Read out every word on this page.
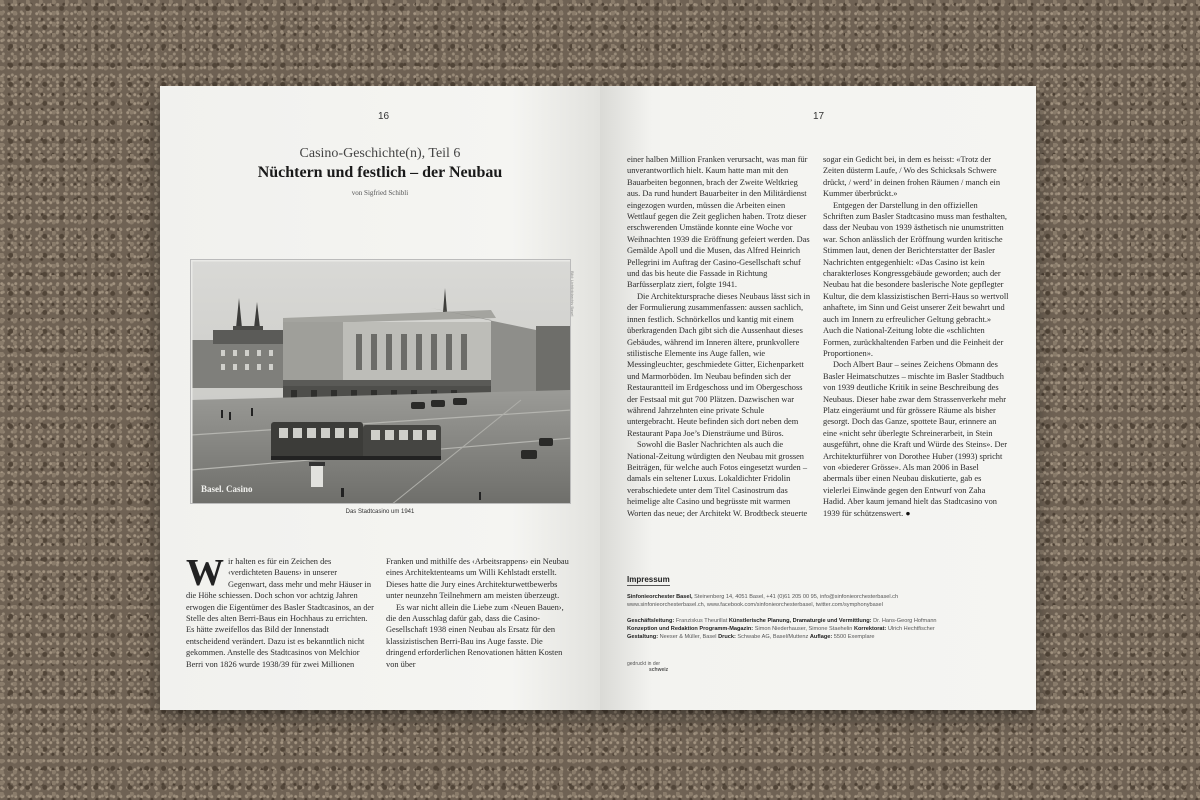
16
Casino-Geschichte(n), Teil 6
Nüchtern und festlich – der Neubau
von Sigfried Schibli
Basel. Casino
Bild: Lichtbildarchiv Basel
Das Stadtcasino um 1941
Wir halten es für ein Zeichen des ‹verdichteten Bauens› in unserer Gegenwart, dass mehr und mehr Häuser in die Höhe schiessen. Doch schon vor achtzig Jahren erwogen die Eigentümer des Basler Stadtcasinos, an der Stelle des alten Berri-Baus ein Hochhaus zu errichten. Es hätte zweifellos das Bild der Innenstadt entscheidend verändert. Dazu ist es bekanntlich nicht gekommen. Anstelle des Stadtcasinos von Melchior Berri von 1826 wurde 1938/39 für zwei Millionen

Franken und mithilfe des ‹Arbeitsrappens› ein Neubau eines Architektenteams um Willi Kehlstadt erstellt. Dieses hatte die Jury eines Architekturwettbewerbs unter neunzehn Teilnehmern am meisten überzeugt.

Es war nicht allein die Liebe zum ‹Neuen Bauen›, die den Ausschlag dafür gab, dass die Casino-Gesellschaft 1938 einen Neubau als Ersatz für den klassizistischen Berri-Bau ins Auge fasste. Die dringend erforderlichen Renovationen hätten Kosten von über

17

einer halben Million Franken verursacht, was man für unverantwortlich hielt. Kaum hatte man mit den Bauarbeiten begonnen, brach der Zweite Weltkrieg aus. Da rund hundert Bauarbeiter in den Militärdienst eingezogen wurden, müssen die Arbeiten einen Wettlauf gegen die Zeit geglichen haben. Trotz dieser erschwerenden Umstände konnte eine Woche vor Weihnachten 1939 die Eröffnung gefeiert werden. Das Gemälde Apoll und die Musen, das Alfred Heinrich Pellegrini im Auftrag der Casino-Gesellschaft schuf und das bis heute die Fassade in Richtung Barfüsserplatz ziert, folgte 1941.

Die Architektursprache dieses Neubaus lässt sich in der Formulierung zusammenfassen: aussen sachlich, innen festlich. Schnörkellos und kantig mit einem überkragenden Dach gibt sich die Aussenhaut dieses Gebäudes, während im Inneren ältere, prunkvollere stilistische Elemente ins Auge fallen, wie Messingleuchter, geschmiedete Gitter, Eichenparkett und Marmorböden. Im Neubau befinden sich der Restaurantteil im Erdgeschoss und im Obergeschoss der Festsaal mit gut 700 Plätzen. Dazwischen war während Jahrzehnten eine private Schule untergebracht. Heute befinden sich dort neben dem Restaurant Papa Joe’s Diensträume und Büros.

Sowohl die Basler Nachrichten als auch die National-Zeitung würdigten den Neubau mit grossen Beiträgen, für welche auch Fotos eingesetzt wurden – damals ein seltener Luxus. Lokaldichter Fridolin verabschiedete unter dem Titel Casinostrum das heimelige alte Casino und begrüsste mit warmen Worten das neue; der Architekt W. Brodtbeck steuerte

sogar ein Gedicht bei, in dem es heisst: «Trotz der Zeiten düsterm Laufe, / Wo des Schicksals Schwere drückt, / werd’ in deinen frohen Räumen / manch ein Kummer überbrückt.»

Entgegen der Darstellung in den offiziellen Schriften zum Basler Stadtcasino muss man festhalten, dass der Neubau von 1939 ästhetisch nie unumstritten war. Schon anlässlich der Eröffnung wurden kritische Stimmen laut, denen der Berichterstatter der Basler Nachrichten entgegenhielt: «Das Casino ist kein charakterloses Kongressgebäude geworden; auch der Neubau hat die besondere baslerische Note gepflegter Kultur, die dem klassizistischen Berri-Haus so wertvoll anhaftete, im Sinn und Geist unserer Zeit bewahrt und auch im Innern zu erfreulicher Geltung gebracht.» Auch die National-Zeitung lobte die «schlichten Formen, zurückhaltenden Farben und die Feinheit der Proportionen».

Doch Albert Baur – seines Zeichens Obmann des Basler Heimatschutzes – mischte im Basler Stadtbuch von 1939 deutliche Kritik in seine Beschreibung des Neubaus. Dieser habe zwar dem Strassenverkehr mehr Platz eingeräumt und für grössere Räume als bisher gesorgt. Doch das Ganze, spottete Baur, erinnere an eine «nicht sehr überlegte Schreinerarbeit, in Stein ausgeführt, ohne die Kraft und Würde des Steins». Der Architekturführer von Dorothee Huber (1993) spricht von «biederer Grösse». Als man 2006 in Basel abermals über einen Neubau diskutierte, gab es vielerlei Einwände gegen den Entwurf von Zaha Hadid. Aber kaum jemand hielt das Stadtcasino von 1939 für schützenswert. ●

Impressum
Sinfonieorchester Basel, Steinenberg 14, 4051 Basel, +41 (0)61 205 00 95, info@sinfonieorchesterbasel.ch
www.sinfonieorchesterbasel.ch, www.facebook.com/sinfonieorchesterbasel, twitter.com/symphonybasel
Geschäftsleitung: Franziskus Theurillat Künstlerische Planung, Dramaturgie und Vermittlung: Dr. Hans-Georg Hofmann
Konzeption und Redaktion Programm-Magazin: Simon Niederhauser, Simone Staehelin Korrektorat: Ulrich Hechtfischer
Gestaltung: Neeser & Müller, Basel Druck: Schwabe AG, Basel/Muttenz Auflage: 5500 Exemplare
gedruckt in der
schweiz
